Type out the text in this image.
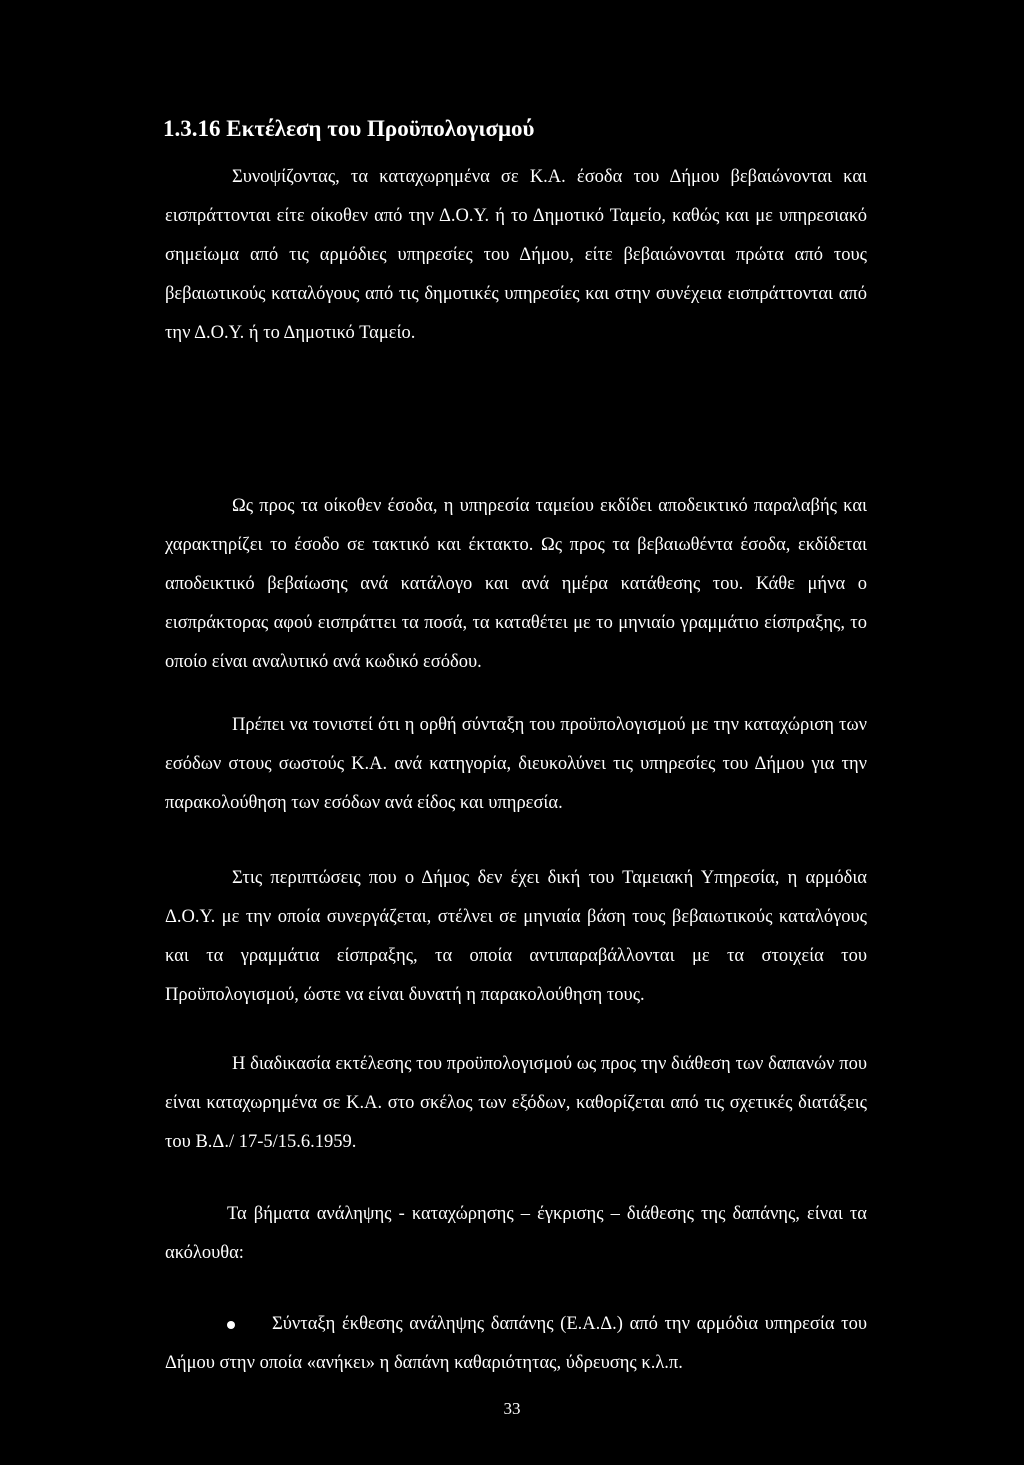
1.3.16 Εκτέλεση του Προϋπολογισμού

Συνοψίζοντας, τα καταχωρημένα σε Κ.Α. έσοδα του Δήμου βεβαιώνονται και εισπράττονται είτε οίκοθεν από την Δ.Ο.Υ. ή το Δημοτικό Ταμείο, καθώς και με υπηρεσιακό σημείωμα από τις αρμόδιες υπηρεσίες του Δήμου, είτε βεβαιώνονται πρώτα από τους βεβαιωτικούς καταλόγους από τις δημοτικές υπηρεσίες και στην συνέχεια εισπράττονται από την Δ.Ο.Υ. ή το Δημοτικό Ταμείο.

Ως προς τα οίκοθεν έσοδα, η υπηρεσία ταμείου εκδίδει αποδεικτικό παραλαβής και χαρακτηρίζει το έσοδο σε τακτικό και έκτακτο. Ως προς τα βεβαιωθέντα έσοδα, εκδίδεται αποδεικτικό βεβαίωσης ανά κατάλογο και ανά ημέρα κατάθεσης του. Κάθε μήνα ο εισπράκτορας αφού εισπράττει τα ποσά, τα καταθέτει με το μηνιαίο γραμμάτιο είσπραξης, το οποίο είναι αναλυτικό ανά κωδικό εσόδου.

Πρέπει να τονιστεί ότι η ορθή σύνταξη του προϋπολογισμού με την καταχώριση των εσόδων στους σωστούς Κ.Α. ανά κατηγορία, διευκολύνει τις υπηρεσίες του Δήμου για την παρακολούθηση των εσόδων ανά είδος και υπηρεσία.

Στις περιπτώσεις που ο Δήμος δεν έχει δική του Ταμειακή Υπηρεσία, η αρμόδια Δ.Ο.Υ. με την οποία συνεργάζεται, στέλνει σε μηνιαία βάση τους βεβαιωτικούς καταλόγους και τα γραμμάτια είσπραξης, τα οποία αντιπαραβάλλονται με τα στοιχεία του Προϋπολογισμού, ώστε να είναι δυνατή η παρακολούθηση τους.

Η διαδικασία εκτέλεσης του προϋπολογισμού ως προς την διάθεση των δαπανών που είναι καταχωρημένα σε Κ.Α. στο σκέλος των εξόδων, καθορίζεται από τις σχετικές διατάξεις του Β.Δ./ 17-5/15.6.1959.

Τα βήματα ανάληψης - καταχώρησης – έγκρισης – διάθεσης της δαπάνης, είναι τα ακόλουθα:

Σύνταξη έκθεσης ανάληψης δαπάνης (Ε.Α.Δ.) από την αρμόδια υπηρεσία του Δήμου στην οποία «ανήκει» η δαπάνη καθαριότητας, ύδρευσης κ.λ.π.

33
